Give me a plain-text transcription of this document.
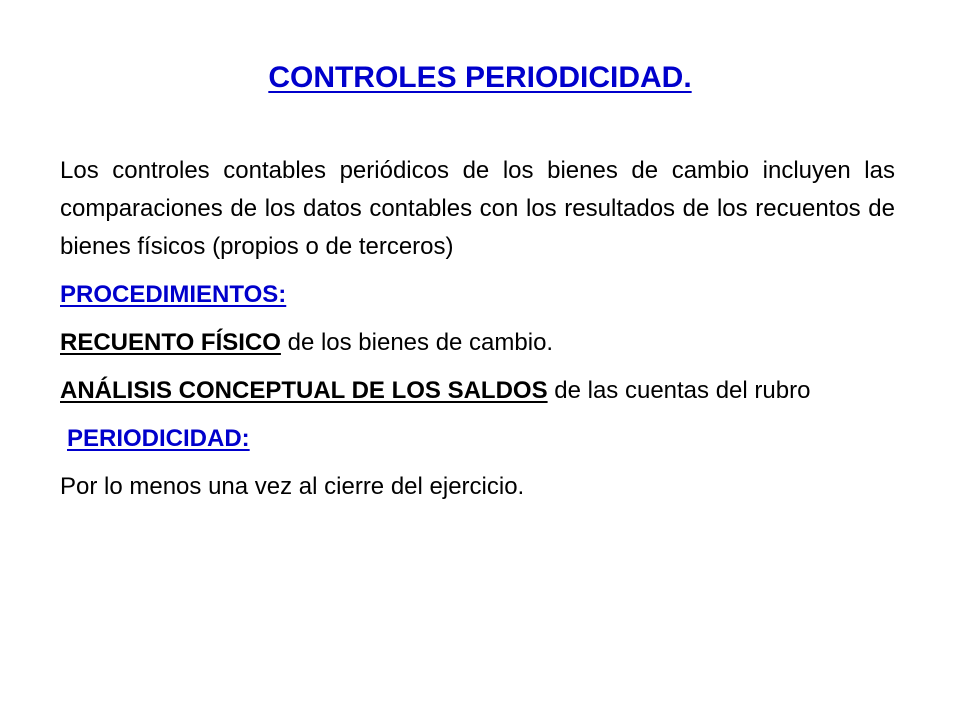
CONTROLES PERIODICIDAD.

Los controles contables periódicos de los bienes de cambio incluyen las comparaciones de los datos contables con los resultados de los recuentos de bienes físicos (propios o de terceros)

PROCEDIMIENTOS:

RECUENTO FÍSICO de los bienes de cambio.

ANÁLISIS CONCEPTUAL DE LOS SALDOS de las cuentas del rubro

PERIODICIDAD:

Por lo menos una vez al cierre del ejercicio.
